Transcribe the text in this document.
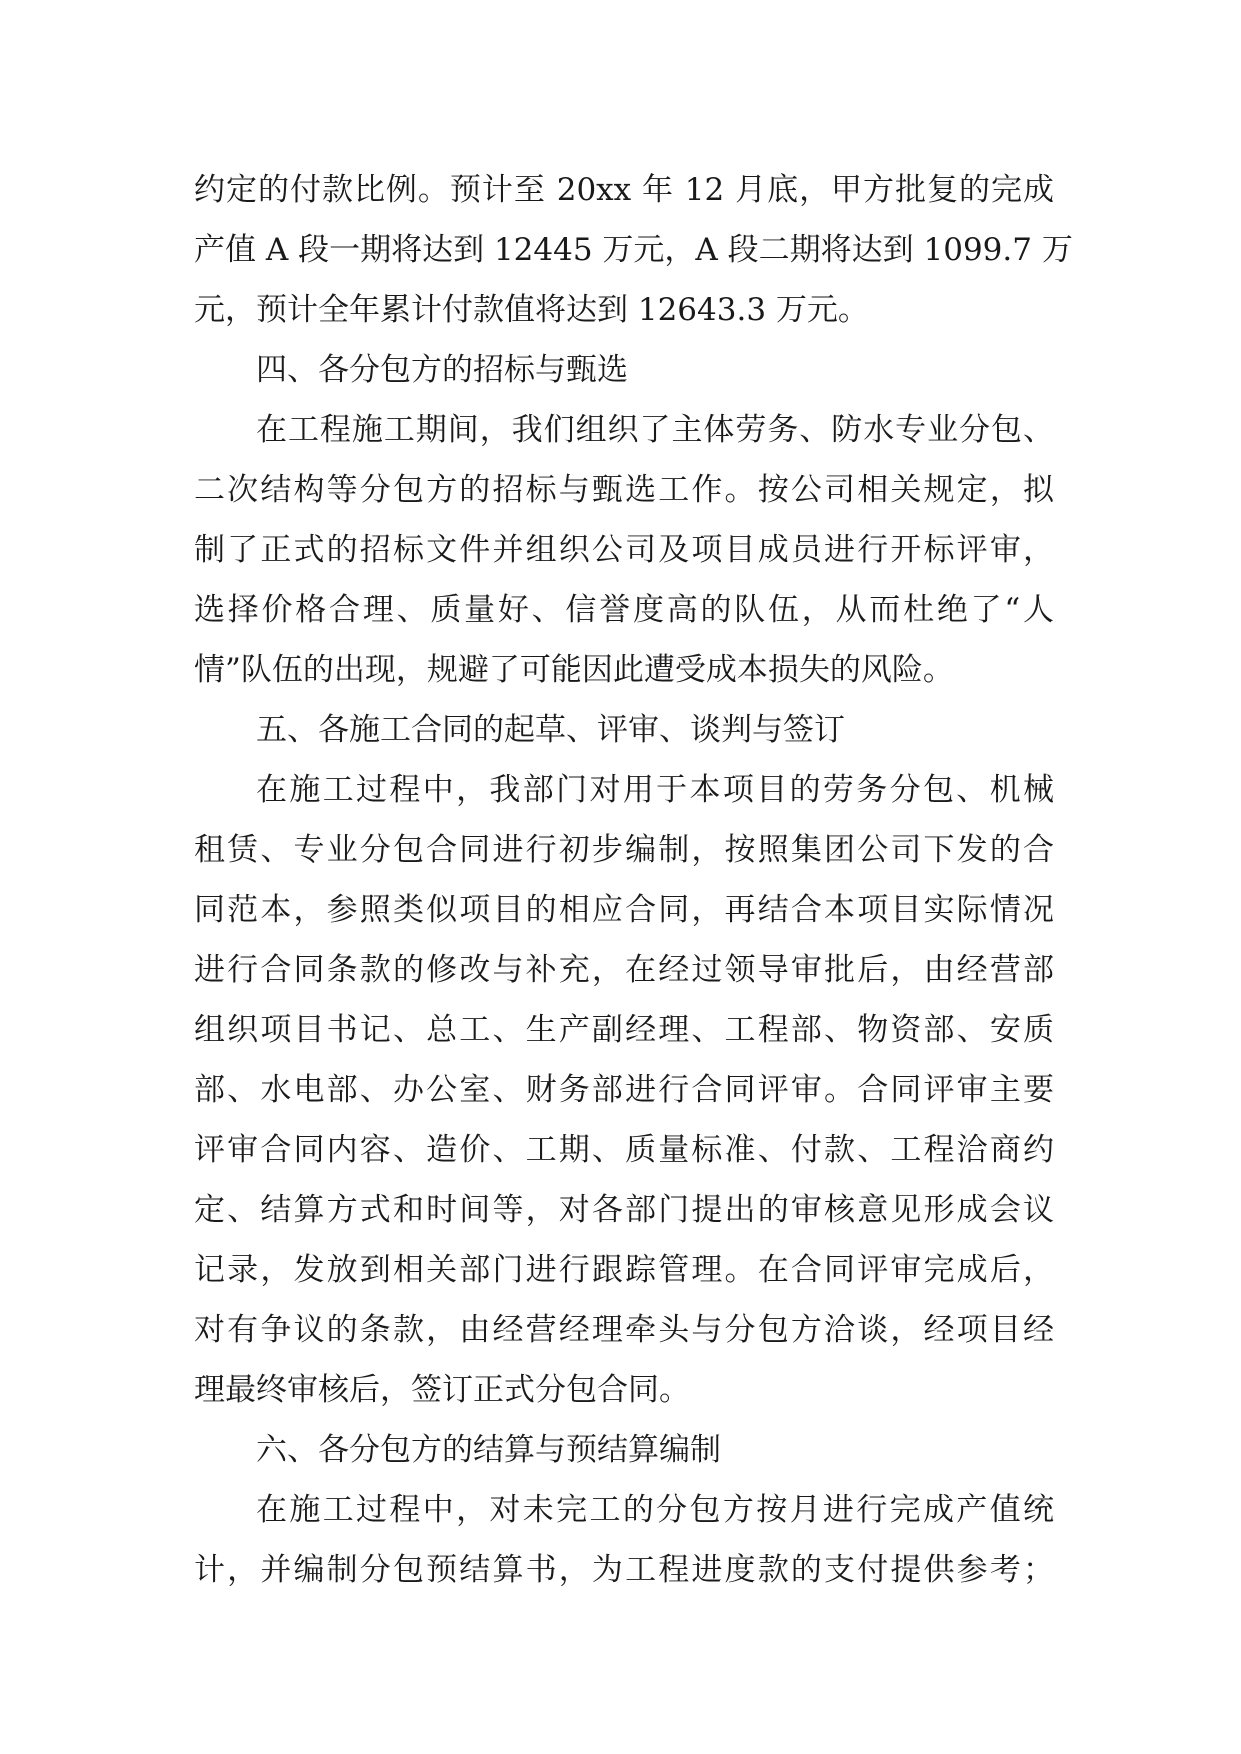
约定的付款比例。预计至 20xx 年 12 月底，甲方批复的完成
产值 A 段一期将达到 12445 万元，A 段二期将达到 1099.7 万
元，预计全年累计付款值将达到 12643.3 万元。
四、各分包方的招标与甄选
在工程施工期间，我们组织了主体劳务、防水专业分包、
二次结构等分包方的招标与甄选工作。按公司相关规定，拟
制了正式的招标文件并组织公司及项目成员进行开标评审，
选择价格合理、质量好、信誉度高的队伍，从而杜绝了“人
情”队伍的出现，规避了可能因此遭受成本损失的风险。
五、各施工合同的起草、评审、谈判与签订
在施工过程中，我部门对用于本项目的劳务分包、机械
租赁、专业分包合同进行初步编制，按照集团公司下发的合
同范本，参照类似项目的相应合同，再结合本项目实际情况
进行合同条款的修改与补充，在经过领导审批后，由经营部
组织项目书记、总工、生产副经理、工程部、物资部、安质
部、水电部、办公室、财务部进行合同评审。合同评审主要
评审合同内容、造价、工期、质量标准、付款、工程洽商约
定、结算方式和时间等，对各部门提出的审核意见形成会议
记录，发放到相关部门进行跟踪管理。在合同评审完成后，
对有争议的条款，由经营经理牵头与分包方洽谈，经项目经
理最终审核后，签订正式分包合同。
六、各分包方的结算与预结算编制
在施工过程中，对未完工的分包方按月进行完成产值统
计，并编制分包预结算书，为工程进度款的支付提供参考；
